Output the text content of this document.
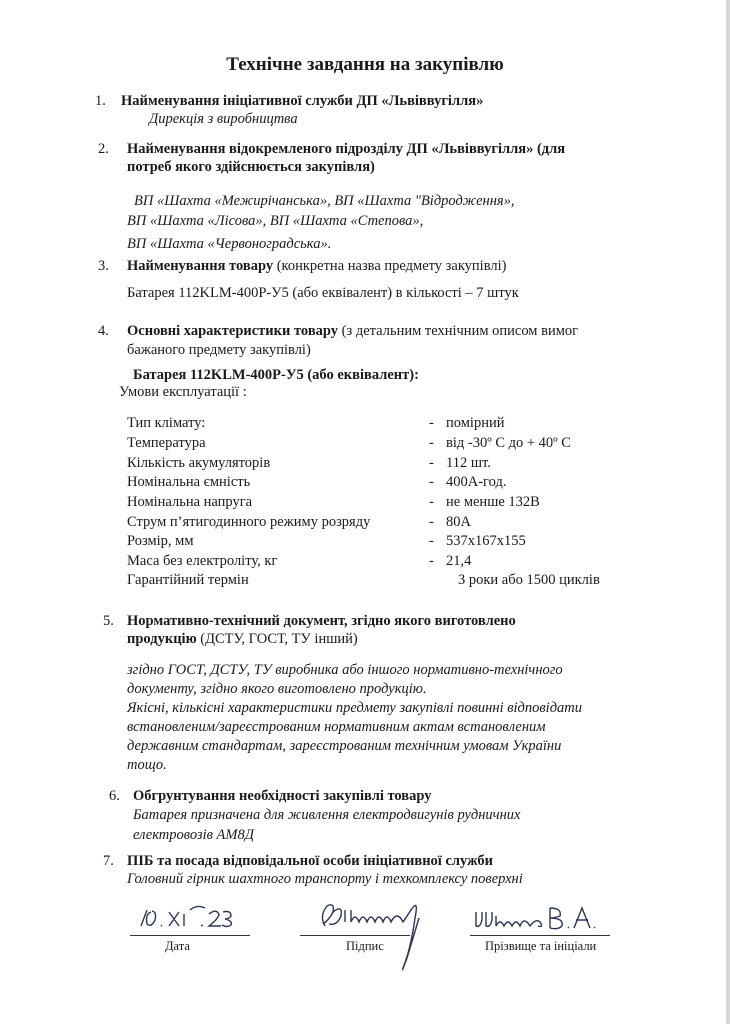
Технічне завдання на закупівлю
1. Найменування ініціативної служби ДП «Львіввугілля»
Дирекція з виробництва
2. Найменування відокремленого підрозділу ДП «Львіввугілля» (для
потреб якого здійснюється закупівля)
ВП «Шахта «Межирічанська», ВП «Шахта "Відродження»,
ВП «Шахта «Лісова», ВП «Шахта «Степова»,
ВП «Шахта «Червоноградська».
3. Найменування товару (конкретна назва предмету закупівлі)
Батарея 112KLM-400P-У5 (або еквівалент) в кількості – 7 штук
4. Основні характеристики товару (з детальним технічним описом вимог
бажаного предмету закупівлі)
Батарея 112KLM-400P-У5 (або еквівалент):
Умови експлуатації :
Тип клімату:	- помірний
Температура	- від -30º С до + 40º С
Кількість акумуляторів	- 112 шт.
Номінальна ємність	- 400А-год.
Номінальна напруга	- не менше 132В
Струм п’ятигодинного режиму розряду	- 80А
Розмір, мм	- 537х167х155
Маса без електроліту, кг	- 21,4
Гарантійний термін	3 роки або 1500 циклів
5. Нормативно-технічний документ, згідно якого виготовлено
продукцію (ДСТУ, ГОСТ, ТУ інший)
згідно ГОСТ, ДСТУ, ТУ виробника або іншого нормативно-технічного
документу, згідно якого виготовлено продукцію.
Якісні, кількісні характеристики предмету закупівлі повинні відповідати
встановленим/зареєстрованим нормативним актам встановленим
державним стандартам, зареєстрованим технічним умовам України
тощо.
6. Обгрунтування необхідності закупівлі товару
Батарея призначена для живлення електродвигунів рудничних
електровозів АМ8Д
7. ПІБ та посада відповідальної особи ініціативної служби
Головний гірник шахтного транспорту і техкомплексу поверхні
Дата	Підпис	Прізвище та ініціали
